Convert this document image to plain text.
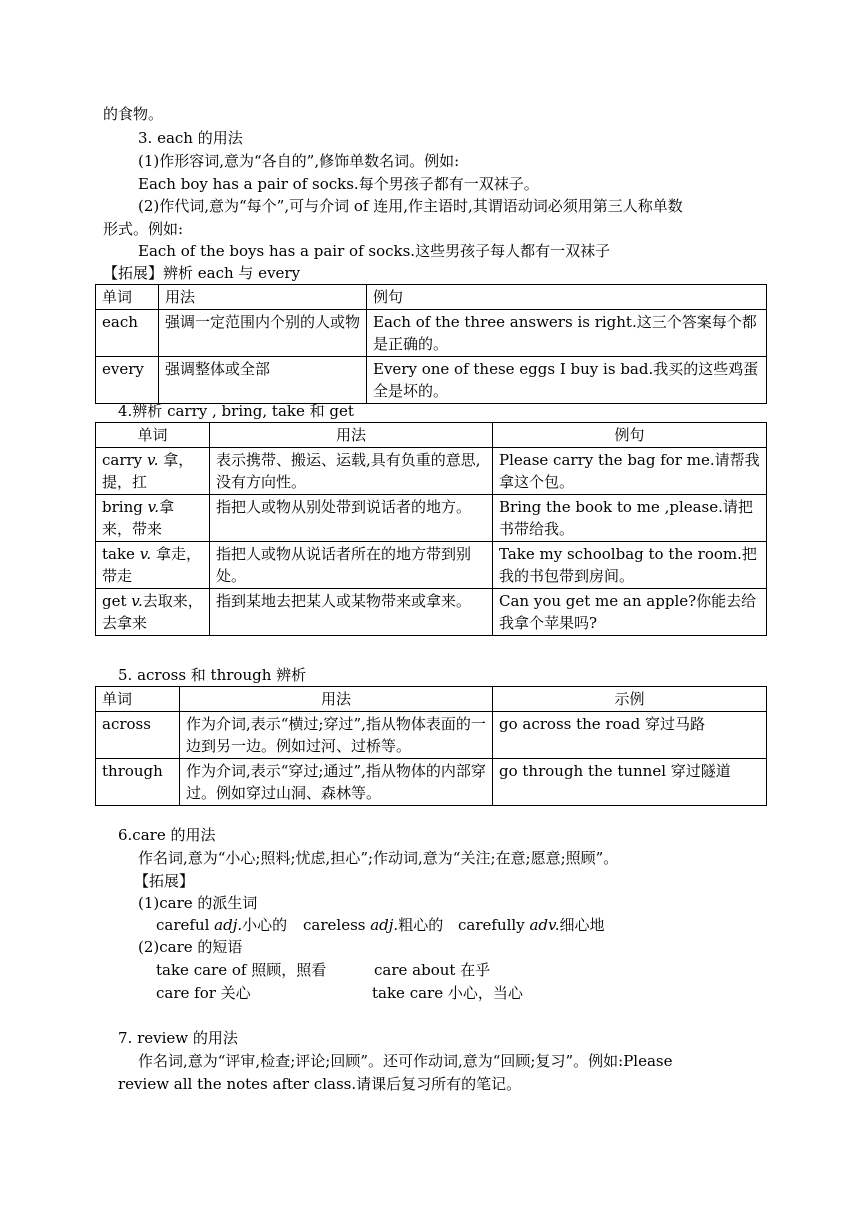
的食物。
3. each 的用法
(1)作形容词,意为“各自的”,修饰单数名词。例如:
Each boy has a pair of socks.每个男孩子都有一双袜子。
(2)作代词,意为“每个”,可与介词 of 连用,作主语时,其谓语动词必须用第三人称单数
形式。例如:
Each of the boys has a pair of socks.这些男孩子每人都有一双袜子
【拓展】辨析 each 与 every
单词	用法	例句
each	强调一定范围内个别的人或物	Each of the three answers is right.这三个答案每个都是正确的。
every	强调整体或全部	Every one of these eggs I buy is bad.我买的这些鸡蛋全是坏的。
4.辨析 carry , bring, take 和 get
单词	用法	例句
carry v. 拿，提，扛	表示携带、搬运、运载,具有负重的意思,没有方向性。	Please carry the bag for me.请帮我拿这个包。
bring v.拿来，带来	指把人或物从别处带到说话者的地方。	Bring the book to me ,please.请把书带给我。
take v. 拿走，带走	指把人或物从说话者所在的地方带到别处。	Take my schoolbag to the room.把我的书包带到房间。
get v.去取来，去拿来	指到某地去把某人或某物带来或拿来。	Can you get me an apple?你能去给我拿个苹果吗?
5. across 和 through 辨析
单词	用法	示例
across	作为介词,表示“横过;穿过”,指从物体表面的一边到另一边。例如过河、过桥等。	go across the road 穿过马路
through	作为介词,表示“穿过;通过”,指从物体的内部穿过。例如穿过山洞、森林等。	go through the tunnel 穿过隧道
6.care 的用法
作名词,意为“小心;照料;忧虑,担心”;作动词,意为“关注;在意;愿意;照顾”。
【拓展】
(1)care 的派生词
careful adj.小心的 careless adj.粗心的 carefully adv.细心地
(2)care 的短语
take care of 照顾，照看	care about 在乎
care for 关心	take care 小心，当心
7. review 的用法
作名词,意为“评审,检查;评论;回顾”。还可作动词,意为“回顾;复习”。例如:Please
review all the notes after class.请课后复习所有的笔记。
